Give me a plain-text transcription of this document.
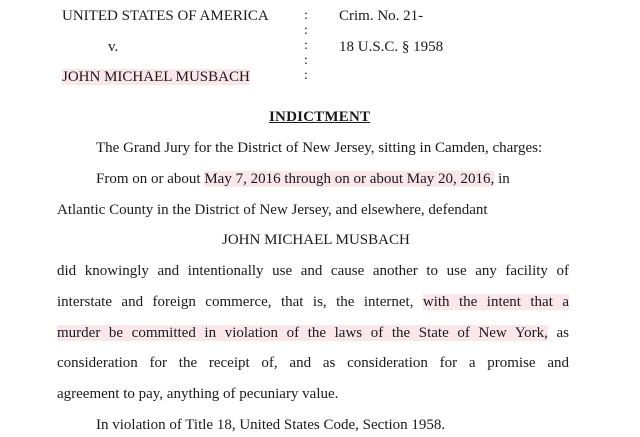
UNITED STATES OF AMERICA
v.
JOHN MICHAEL MUSBACH
:
:
:
:
:
Crim. No. 21-
18 U.S.C. § 1958
INDICTMENT
The Grand Jury for the District of New Jersey, sitting in Camden, charges:
From on or about May 7, 2016 through on or about May 20, 2016, in
Atlantic County in the District of New Jersey, and elsewhere, defendant
JOHN MICHAEL MUSBACH
did knowingly and intentionally use and cause another to use any facility of
interstate and foreign commerce, that is, the internet, with the intent that a
murder be committed in violation of the laws of the State of New York, as
consideration for the receipt of, and as consideration for a promise and
agreement to pay, anything of pecuniary value.
In violation of Title 18, United States Code, Section 1958.
